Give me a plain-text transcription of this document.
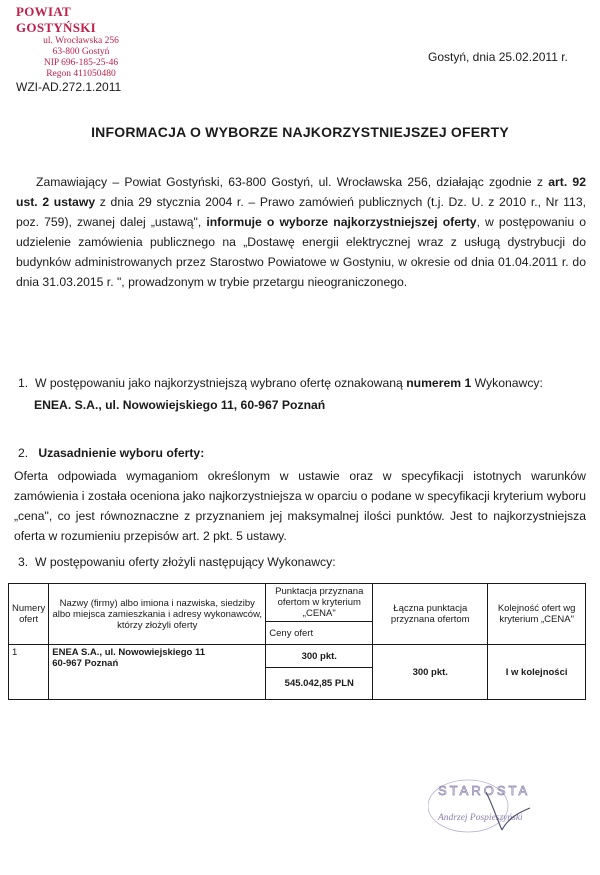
POWIAT GOSTYŃSKI
ul. Wrocławska 256
63-800 Gostyń
NIP 696-185-25-46
Regon 411050480
Gostyń, dnia 25.02.2011 r.
WZI-AD.272.1.2011
INFORMACJA O WYBORZE NAJKORZYSTNIEJSZEJ OFERTY
Zamawiający – Powiat Gostyński, 63-800 Gostyń, ul. Wrocławska 256, działając zgodnie z art. 92 ust. 2 ustawy z dnia 29 stycznia 2004 r. – Prawo zamówień publicznych (t.j. Dz. U. z 2010 r., Nr 113, poz. 759), zwanej dalej „ustawą", informuje o wyborze najkorzystniejszej oferty, w postępowaniu o udzielenie zamówienia publicznego na „Dostawę energii elektrycznej wraz z usługą dystrybucji do budynków administrowanych przez Starostwo Powiatowe w Gostyniu, w okresie od dnia 01.04.2011 r. do dnia 31.03.2015 r. ", prowadzonym w trybie przetargu nieograniczonego.
1. W postępowaniu jako najkorzystniejszą wybrano ofertę oznakowaną numerem 1 Wykonawcy:
ENEA. S.A., ul. Nowowiejskiego 11, 60-967 Poznań
2. Uzasadnienie wyboru oferty:
Oferta odpowiada wymaganiom określonym w ustawie oraz w specyfikacji istotnych warunków zamówienia i została oceniona jako najkorzystniejsza w oparciu o podane w specyfikacji kryterium wyboru „cena", co jest równoznaczne z przyznaniem jej maksymalnej ilości punktów. Jest to najkorzystniejsza oferta w rozumieniu przepisów art. 2 pkt. 5 ustawy.
3. W postępowaniu oferty złożyli następujący Wykonawcy:
Numery ofert	Nazwy (firmy) albo imiona i nazwiska, siedziby albo miejsca zamieszkania i adresy wykonawców, którzy złożyli oferty	Punktacja przyznana ofertom w kryterium „CENA"	Łączna punktacja przyznana ofertom	Kolejność ofert wg kryterium „CENA"
		Ceny ofert		
1	ENEA S.A., ul. Nowowiejskiego 11
60-967 Poznań	300 pkt.	300 pkt.	I w kolejności
		545.042,85 PLN		
STAROSTA
Andrzej Pospieszyński
